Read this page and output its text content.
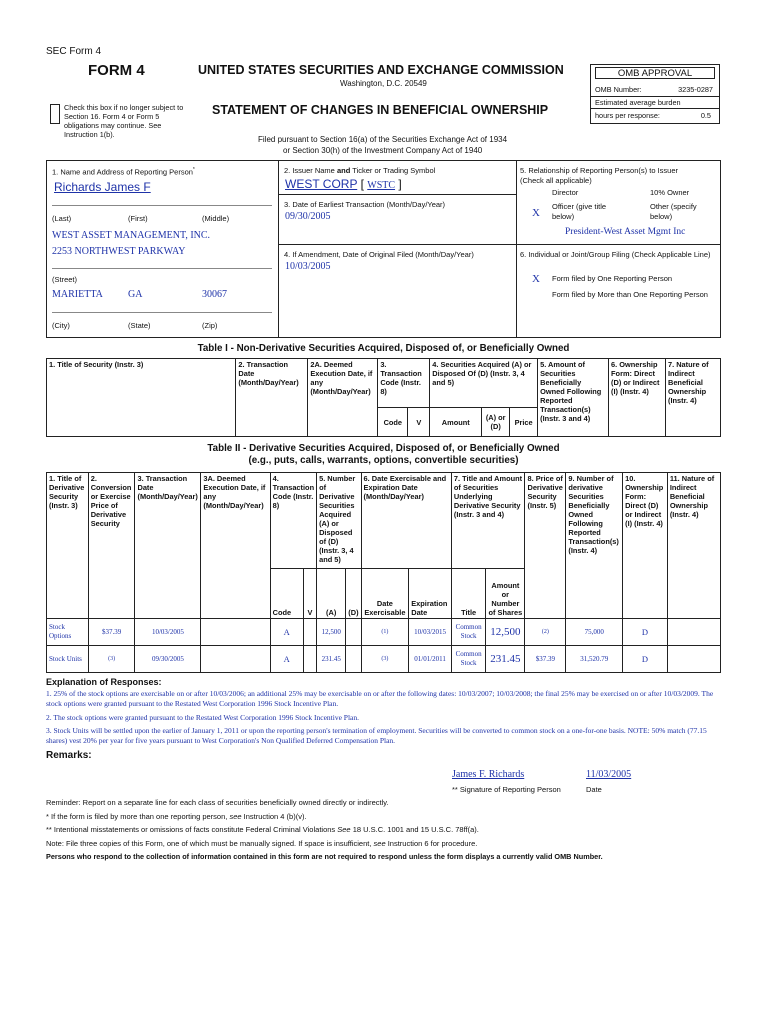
SEC Form 4
FORM 4	UNITED STATES SECURITIES AND EXCHANGE COMMISSION
Washington, D.C. 20549
Check this box if no longer subject to Section 16. Form 4 or Form 5 obligations may continue. See Instruction 1(b).
STATEMENT OF CHANGES IN BENEFICIAL OWNERSHIP
Filed pursuant to Section 16(a) of the Securities Exchange Act of 1934
or Section 30(h) of the Investment Company Act of 1940
OMB APPROVAL
OMB Number:	3235-0287
Estimated average burden
hours per response:	0.5
1. Name and Address of Reporting Person*
Richards James F
(Last)	(First)	(Middle)
WEST ASSET MANAGEMENT, INC.
2253 NORTHWEST PARKWAY
(Street)
MARIETTA	GA	30067
(City)	(State)	(Zip)
2. Issuer Name and Ticker or Trading Symbol
WEST CORP [ WSTC ]
3. Date of Earliest Transaction (Month/Day/Year)
09/30/2005
4. If Amendment, Date of Original Filed (Month/Day/Year)
10/03/2005
5. Relationship of Reporting Person(s) to Issuer
(Check all applicable)
Director	10% Owner
X
Officer (give title below)
Other (specify below)
President-West Asset Mgmt Inc
6. Individual or Joint/Group Filing (Check Applicable Line)
X Form filed by One Reporting Person
Form filed by More than One Reporting Person
Table I - Non-Derivative Securities Acquired, Disposed of, or Beneficially Owned
1. Title of Security (Instr. 3)	2. Transaction Date (Month/Day/Year)	2A. Deemed Execution Date, if any (Month/Day/Year)	3. Transaction Code (Instr. 8)		4. Securities Acquired (A) or Disposed Of (D) (Instr. 3, 4 and 5)			5. Amount of Securities Beneficially Owned Following Reported Transaction(s) (Instr. 3 and 4)	6. Ownership Form: Direct (D) or Indirect (I) (Instr. 4)	7. Nature of Indirect Beneficial Ownership (Instr. 4)
			Code	V	Amount	(A) or (D)	Price			
Table II - Derivative Securities Acquired, Disposed of, or Beneficially Owned
(e.g., puts, calls, warrants, options, convertible securities)
1. Title of Derivative Security (Instr. 3)	2. Conversion or Exercise Price of Derivative Security	3. Transaction Date (Month/Day/Year)	3A. Deemed Execution Date, if any (Month/Day/Year)	4. Transaction Code (Instr. 8)		5. Number of Derivative Securities Acquired (A) or Disposed of (D) (Instr. 3, 4 and 5)		6. Date Exercisable and Expiration Date (Month/Day/Year)		7. Title and Amount of Securities Underlying Derivative Security (Instr. 3 and 4)		8. Price of Derivative Security (Instr. 5)	9. Number of derivative Securities Beneficially Owned Following Reported Transaction(s) (Instr. 4)	10. Ownership Form: Direct (D) or Indirect (I) (Instr. 4)	11. Nature of Indirect Beneficial Ownership (Instr. 4)
				Code	V	(A)	(D)	Date Exercisable	Expiration Date	Title	Amount or Number of Shares				
Stock Options	$37.39	10/03/2005		A		12,500		(1)	10/03/2015	Common Stock	12,500	(2)	75,000	D	
Stock Units	(3)	09/30/2005		A		231.45		(3)	01/01/2011	Common Stock	231.45	$37.39	31,520.79	D	
Explanation of Responses:
1. 25% of the stock options are exercisable on or after 10/03/2006; an additional 25% may be exercisable on or after the following dates: 10/03/2007; 10/03/2008; the final 25% may be exercised on or after 10/03/2009. The stock options were granted pursuant to the Restated West Corporation 1996 Stock Incentive Plan.
2. The stock options were granted pursuant to the Restated West Corporation 1996 Stock Incentive Plan.
3. Stock Units will be settled upon the earlier of January 1, 2011 or upon the reporting person's termination of employment. Securities will be converted to common stock on a one-for-one basis. NOTE: 50% match (77.15 shares) vest 20% per year for five years pursuant to West Corporation's Non Qualified Deferred Compensation Plan.
Remarks:
James F. Richards	11/03/2005
** Signature of Reporting Person	Date
Reminder: Report on a separate line for each class of securities beneficially owned directly or indirectly.
* If the form is filed by more than one reporting person, see Instruction 4 (b)(v).
** Intentional misstatements or omissions of facts constitute Federal Criminal Violations See 18 U.S.C. 1001 and 15 U.S.C. 78ff(a).
Note: File three copies of this Form, one of which must be manually signed. If space is insufficient, see Instruction 6 for procedure.
Persons who respond to the collection of information contained in this form are not required to respond unless the form displays a currently valid OMB Number.
